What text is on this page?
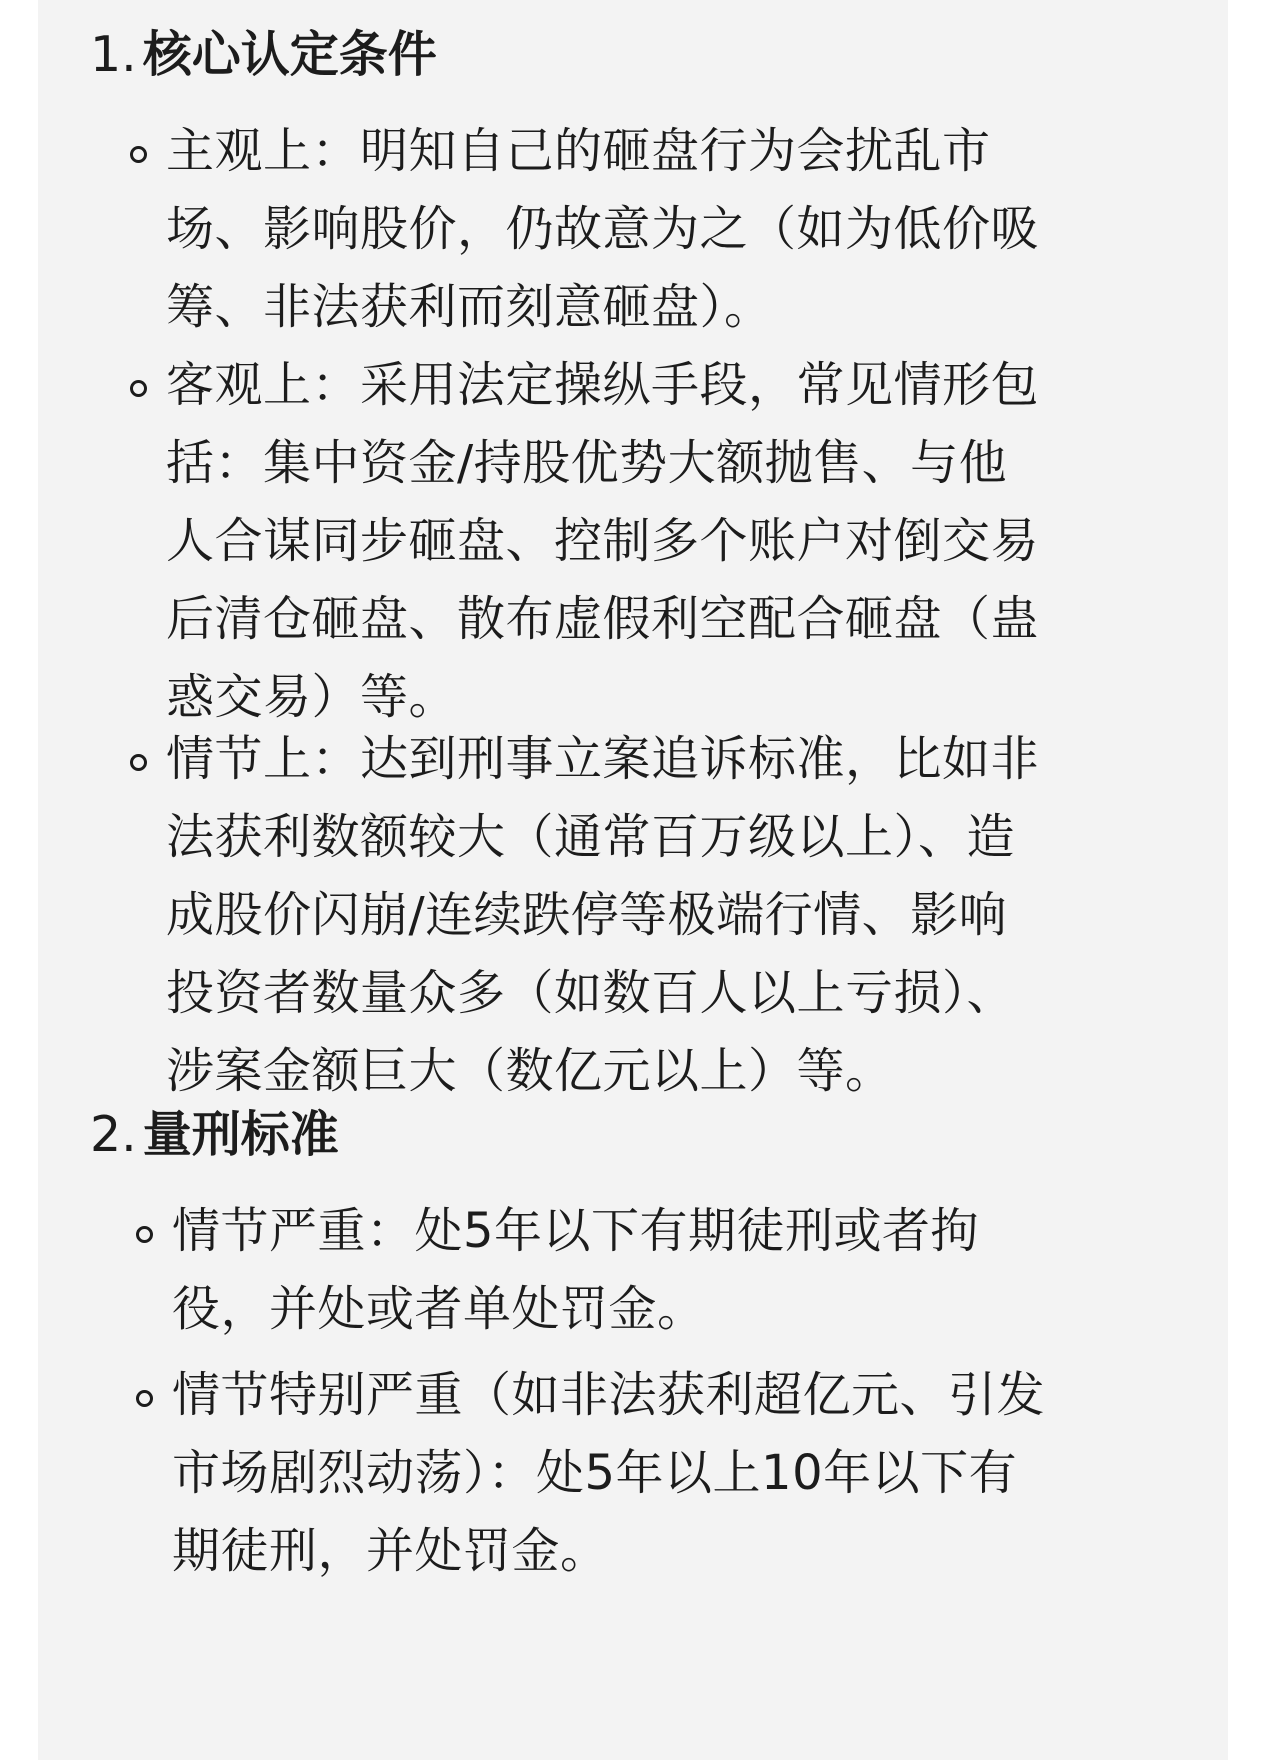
1. 核心认定条件
主观上：明知自己的砸盘行为会扰乱市
场、影响股价，仍故意为之（如为低价吸
筹、非法获利而刻意砸盘）。
客观上：采用法定操纵手段，常见情形包
括：集中资金/持股优势大额抛售、与他
人合谋同步砸盘、控制多个账户对倒交易
后清仓砸盘、散布虚假利空配合砸盘（蛊
惑交易）等。
情节上：达到刑事立案追诉标准，比如非
法获利数额较大（通常百万级以上）、造
成股价闪崩/连续跌停等极端行情、影响
投资者数量众多（如数百人以上亏损）、
涉案金额巨大（数亿元以上）等。
2. 量刑标准
情节严重：处5年以下有期徒刑或者拘
役，并处或者单处罚金。
情节特别严重（如非法获利超亿元、引发
市场剧烈动荡）：处5年以上10年以下有
期徒刑，并处罚金。
